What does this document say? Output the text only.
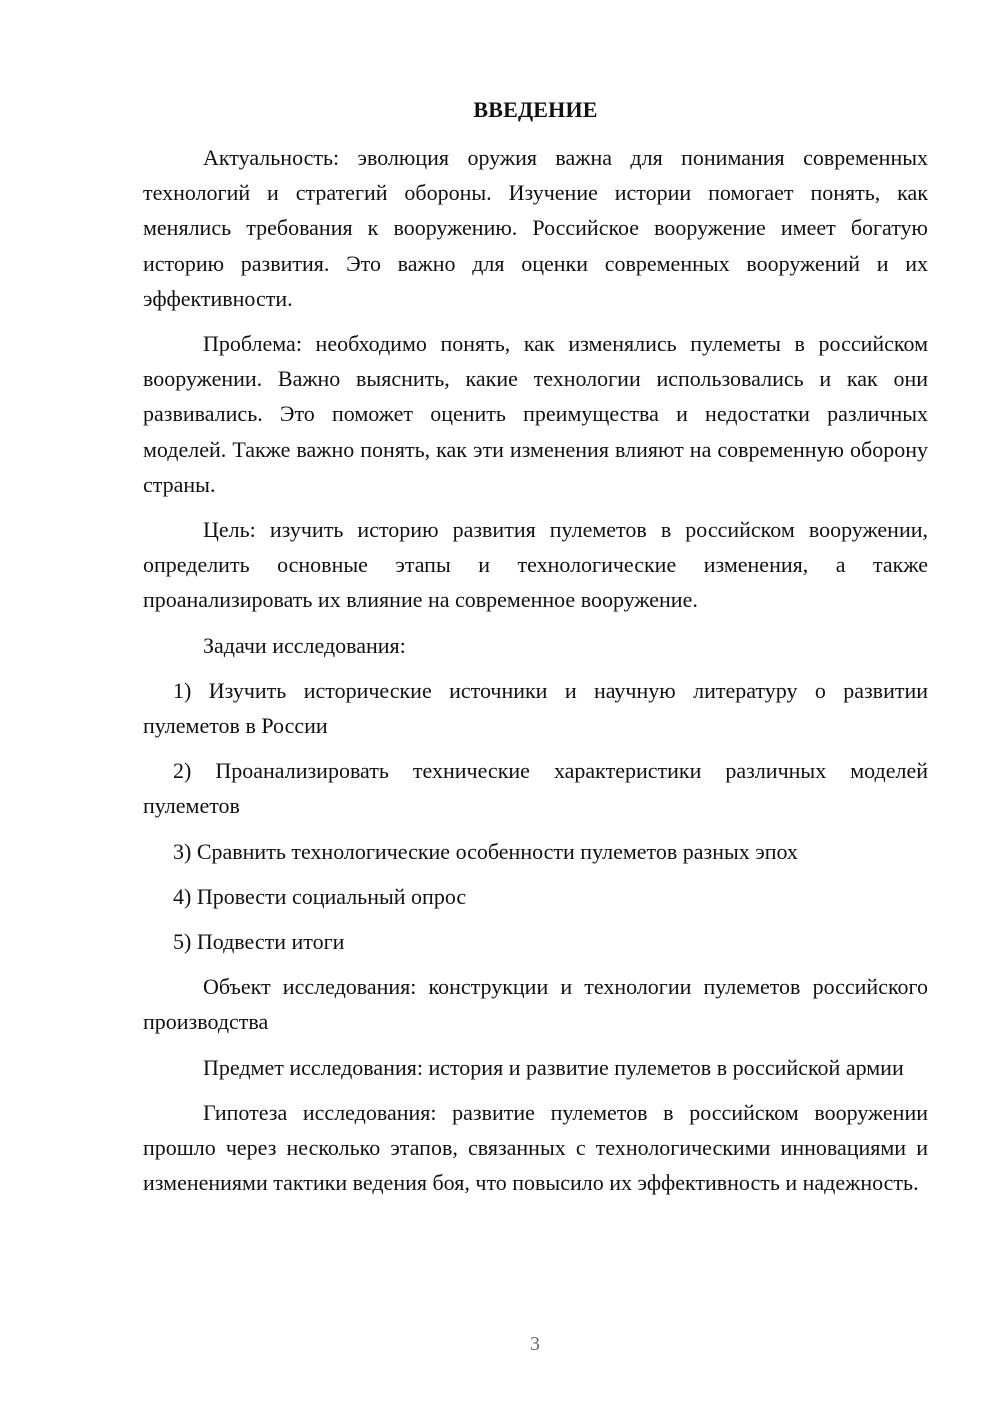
ВВЕДЕНИЕ

Актуальность: эволюция оружия важна для понимания современных технологий и стратегий обороны. Изучение истории помогает понять, как менялись требования к вооружению. Российское вооружение имеет богатую историю развития. Это важно для оценки современных вооружений и их эффективности.

Проблема: необходимо понять, как изменялись пулеметы в российском вооружении. Важно выяснить, какие технологии использовались и как они развивались. Это поможет оценить преимущества и недостатки различных моделей. Также важно понять, как эти изменения влияют на современную оборону страны.

Цель: изучить историю развития пулеметов в российском вооружении, определить основные этапы и технологические изменения, а также проанализировать их влияние на современное вооружение.

Задачи исследования:

1) Изучить исторические источники и научную литературу о развитии пулеметов в России

2) Проанализировать технические характеристики различных моделей пулеметов

3) Сравнить технологические особенности пулеметов разных эпох

4) Провести социальный опрос

5) Подвести итоги

Объект исследования: конструкции и технологии пулеметов российского производства

Предмет исследования: история и развитие пулеметов в российской армии

Гипотеза исследования: развитие пулеметов в российском вооружении прошло через несколько этапов, связанных с технологическими инновациями и изменениями тактики ведения боя, что повысило их эффективность и надежность.

3
